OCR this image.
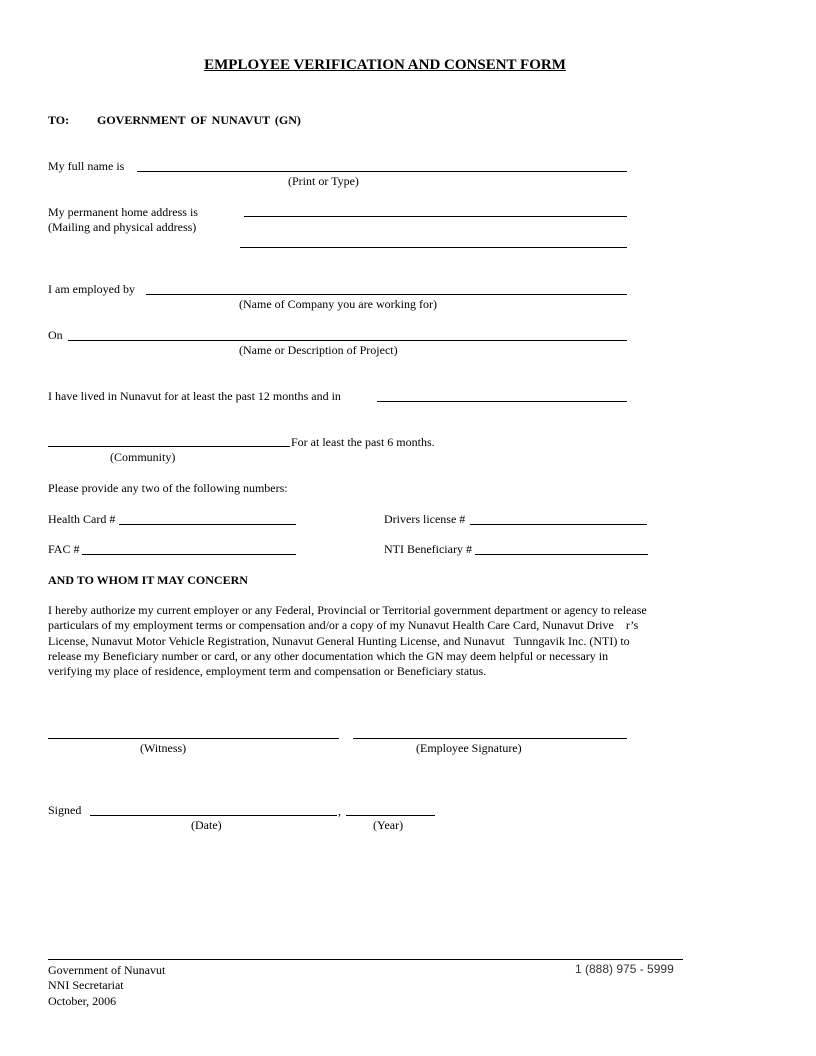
EMPLOYEE VERIFICATION AND CONSENT FORM
TO: GOVERNMENT OF NUNAVUT (GN)
My full name is
(Print or Type)
My permanent home address is
(Mailing and physical address)
I am employed by
(Name of Company you are working for)
On
(Name or Description of Project)
I have lived in Nunavut for at least the past 12 months and in
For at least the past 6 months.
(Community)
Please provide any two of the following numbers:
Health Card #	Drivers license #
FAC #	NTI Beneficiary #
AND TO WHOM IT MAY CONCERN
I hereby authorize my current employer or any Federal, Provincial or Territorial government department or agency to release
particulars of my employment terms or compensation and/or a copy of my Nunavut Health Care Card, Nunavut Drive    r’s
License, Nunavut Motor Vehicle Registration, Nunavut General Hunting License, and Nunavut   Tunngavik Inc. (NTI) to
release my Beneficiary number or card, or any other documentation which the GN may deem helpful or necessary in
verifying my place of residence, employment term and compensation or Beneficiary status.
(Witness)	(Employee Signature)
Signed	,
(Date)	(Year)
Government of Nunavut	1 (888) 975 - 5999
NNI Secretariat
October, 2006
